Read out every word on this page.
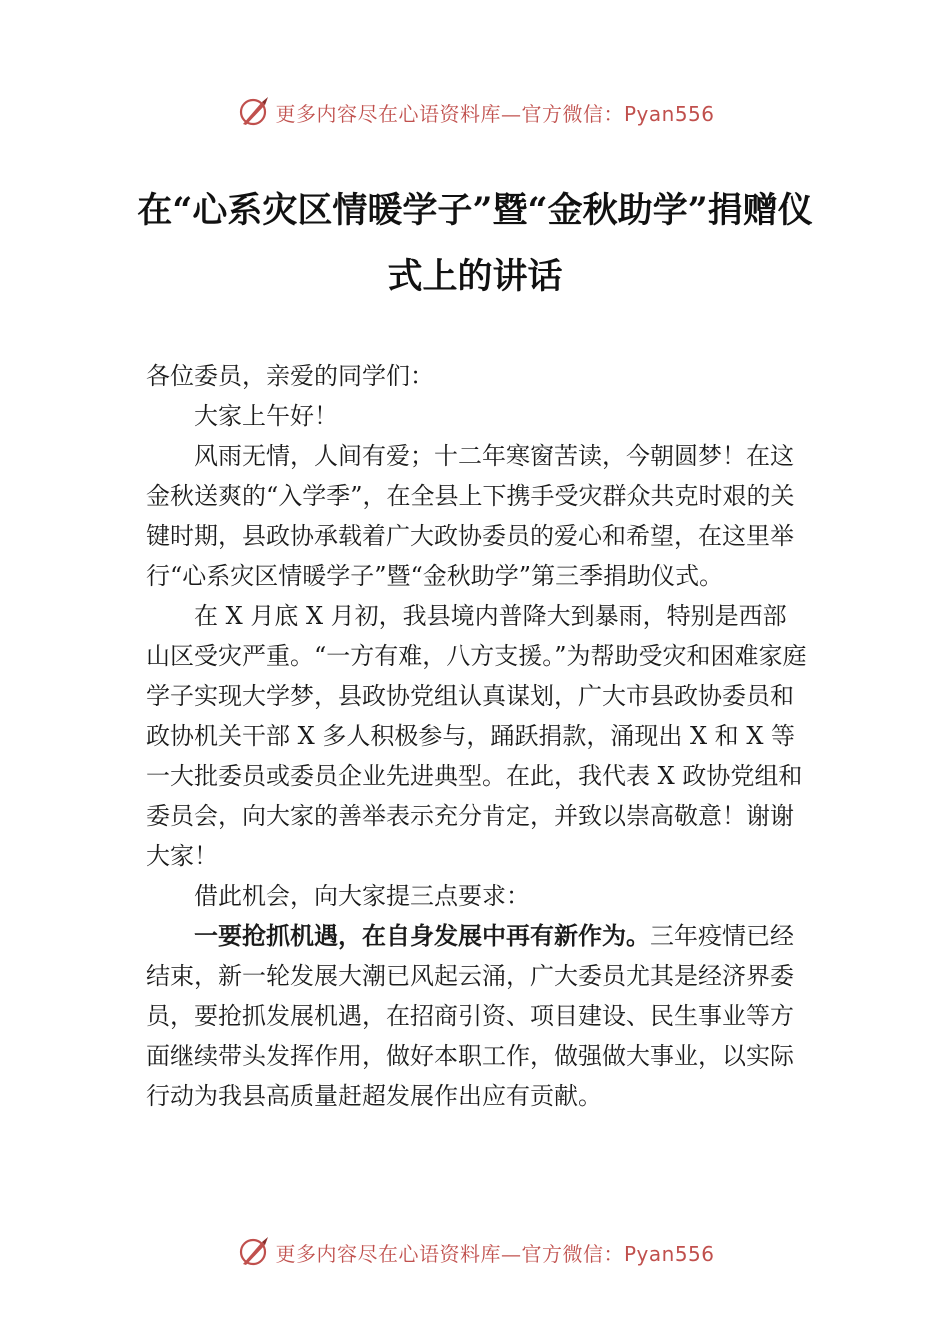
更多内容尽在心语资料库—官方微信：Pyan556
在“心系灾区情暖学子”暨“金秋助学”捐赠仪式上的讲话

各位委员，亲爱的同学们：

大家上午好！

风雨无情，人间有爱；十二年寒窗苦读，今朝圆梦！在这金秋送爽的“入学季”，在全县上下携手受灾群众共克时艰的关键时期，县政协承载着广大政协委员的爱心和希望，在这里举行“心系灾区情暖学子”暨“金秋助学”第三季捐助仪式。

在 X 月底 X 月初，我县境内普降大到暴雨，特别是西部山区受灾严重。“一方有难，八方支援。”为帮助受灾和困难家庭学子实现大学梦，县政协党组认真谋划，广大市县政协委员和政协机关干部 X 多人积极参与，踊跃捐款，涌现出 X 和 X 等一大批委员或委员企业先进典型。在此，我代表 X 政协党组和委员会，向大家的善举表示充分肯定，并致以崇高敬意！谢谢大家！

借此机会，向大家提三点要求：

一要抢抓机遇，在自身发展中再有新作为。三年疫情已经结束，新一轮发展大潮已风起云涌，广大委员尤其是经济界委员，要抢抓发展机遇，在招商引资、项目建设、民生事业等方面继续带头发挥作用，做好本职工作，做强做大事业，以实际行动为我县高质量赶超发展作出应有贡献。

更多内容尽在心语资料库—官方微信：Pyan556
